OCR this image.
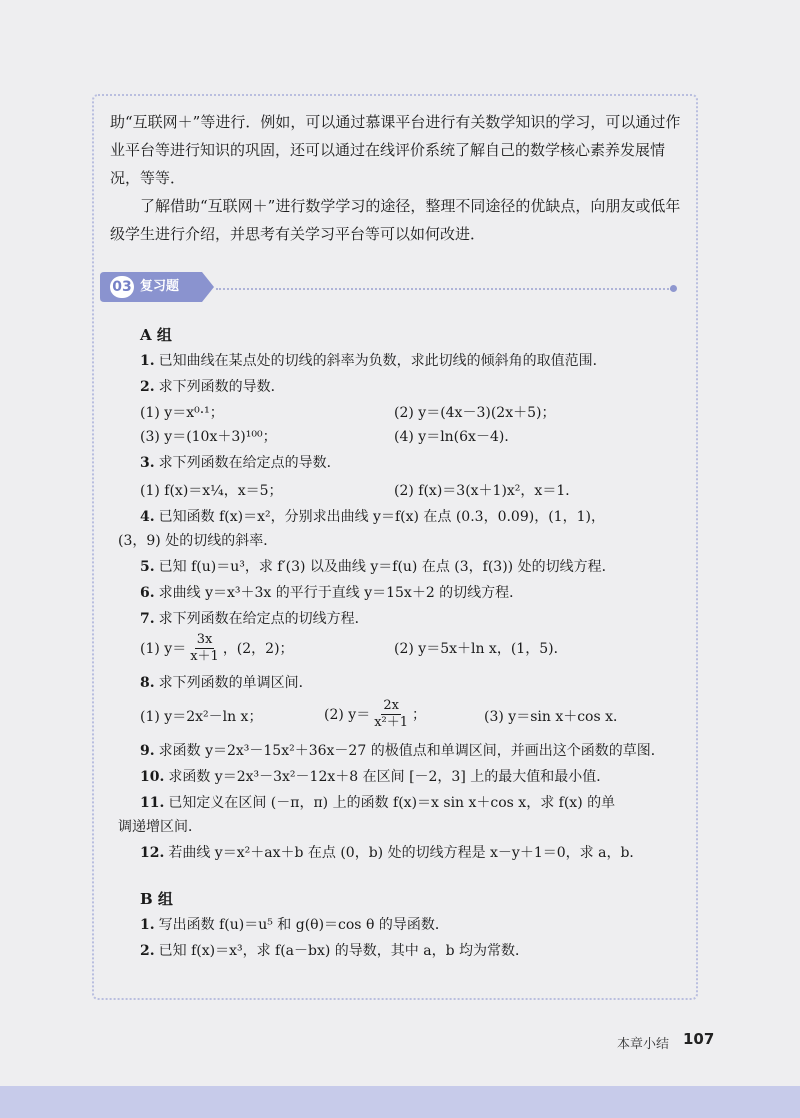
助“互联网＋”等进行．例如，可以通过慕课平台进行有关数学知识的学习，可以通过作业平台等进行知识的巩固，还可以通过在线评价系统了解自己的数学核心素养发展情况，等等．

了解借助“互联网＋”进行数学学习的途径，整理不同途径的优缺点，向朋友或低年级学生进行介绍，并思考有关学习平台等可以如何改进．

03 复习题
A 组
1. 已知曲线在某点处的切线的斜率为负数，求此切线的倾斜角的取值范围．
2. 求下列函数的导数．
(1) y＝x⁰·¹；	(2) y＝(4x－3)(2x＋5)；
(3) y＝(10x＋3)¹⁰⁰；	(4) y＝ln(6x－4)．
3. 求下列函数在给定点的导数．
(1) f(x)＝x¼，x＝5；	(2) f(x)＝3(x＋1)x²，x＝1．
4. 已知函数 f(x)＝x²，分别求出曲线 y＝f(x) 在点 (0.3，0.09)，(1，1)，
(3，9) 处的切线的斜率．
5. 已知 f(u)＝u³，求 f′(3) 以及曲线 y＝f(u) 在点 (3，f(3)) 处的切线方程．
6. 求曲线 y＝x³＋3x 的平行于直线 y＝15x＋2 的切线方程．
7. 求下列函数在给定点的切线方程．
(1) $y= \frac{3x}{x+1}$ ，(2，2)；	(2) y＝5x＋ln x，(1，5)．
8. 求下列函数的单调区间．
(1) y＝2x²－ln x；	(2) $y= \frac{2x}{\text{x²＋1}}$ ；	(3) y＝sin x＋cos x．
9. 求函数 y＝2x³－15x²＋36x－27 的极值点和单调区间，并画出这个函数的草图．
10. 求函数 y＝2x³－3x²－12x＋8 在区间 [－2，3] 上的最大值和最小值．
11. 已知定义在区间 (－π，π) 上的函数 f(x)＝x sin x＋cos x，求 f(x) 的单
调递增区间．
12. 若曲线 y＝x²＋ax＋b 在点 (0，b) 处的切线方程是 x－y＋1＝0，求 a，b．
B 组
1. 写出函数 f(u)＝u⁵ 和 g(θ)＝cos θ 的导函数．
2. 已知 f(x)＝x³，求 f(a－bx) 的导数，其中 a，b 均为常数．
本章小结 107
